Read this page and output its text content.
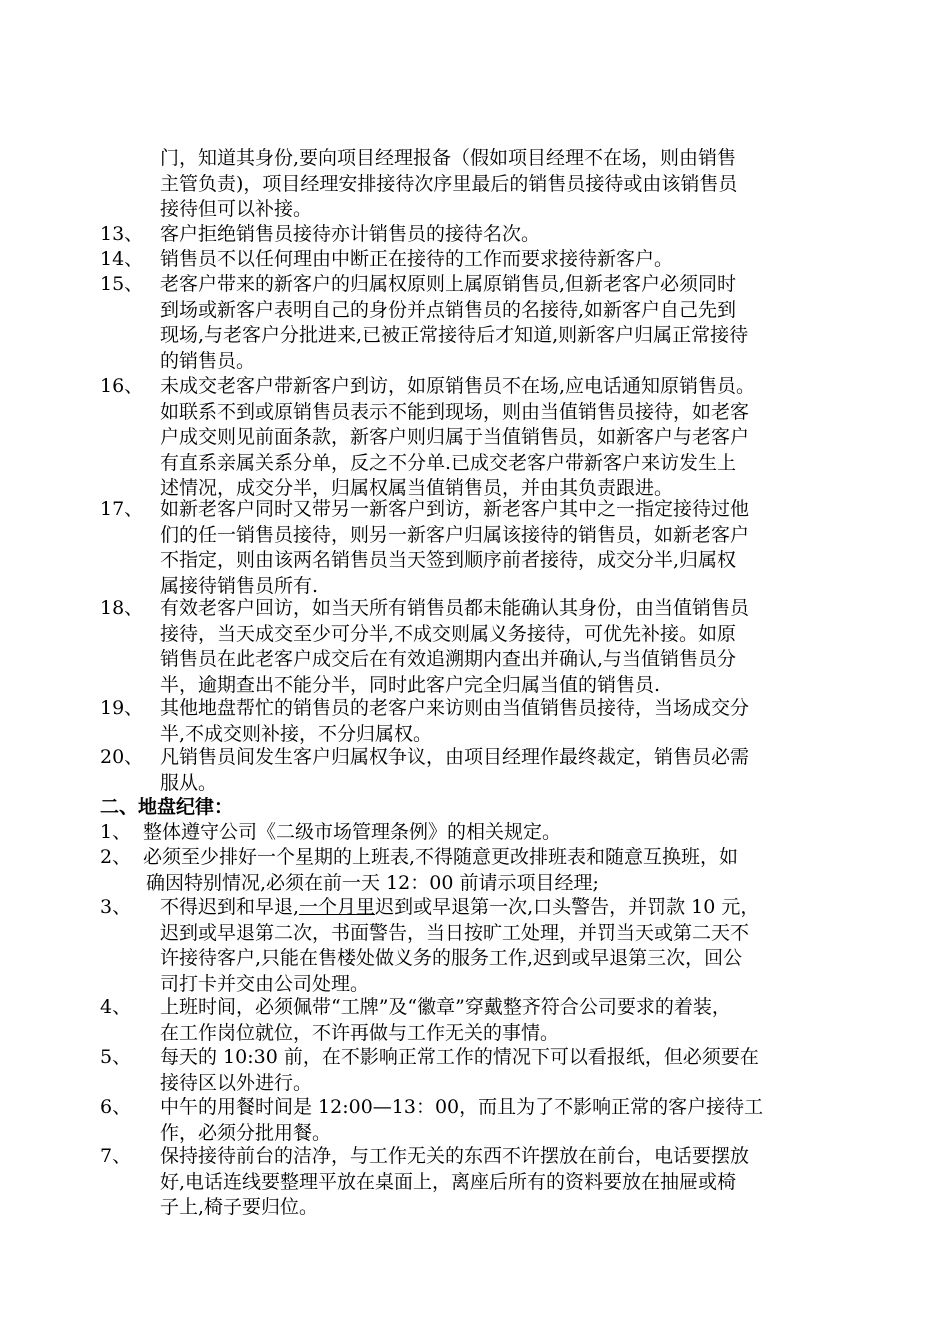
门，知道其身份,要向项目经理报备（假如项目经理不在场，则由销售
主管负责)，项目经理安排接待次序里最后的销售员接待或由该销售员
接待但可以补接。
13、 客户拒绝销售员接待亦计销售员的接待名次。
14、 销售员不以任何理由中断正在接待的工作而要求接待新客户。
15、 老客户带来的新客户的归属权原则上属原销售员,但新老客户必须同时
到场或新客户表明自己的身份并点销售员的名接待,如新客户自己先到
现场,与老客户分批进来,已被正常接待后才知道,则新客户归属正常接待
的销售员。
16、 未成交老客户带新客户到访，如原销售员不在场,应电话通知原销售员。
如联系不到或原销售员表示不能到现场，则由当值销售员接待，如老客
户成交则见前面条款，新客户则归属于当值销售员，如新客户与老客户
有直系亲属关系分单，反之不分单.已成交老客户带新客户来访发生上
述情况，成交分半，归属权属当值销售员，并由其负责跟进。
17、 如新老客户同时又带另一新客户到访，新老客户其中之一指定接待过他
们的任一销售员接待，则另一新客户归属该接待的销售员，如新老客户
不指定，则由该两名销售员当天签到顺序前者接待，成交分半,归属权
属接待销售员所有.
18、 有效老客户回访，如当天所有销售员都未能确认其身份，由当值销售员
接待，当天成交至少可分半,不成交则属义务接待，可优先补接。如原
销售员在此老客户成交后在有效追溯期内查出并确认,与当值销售员分
半，逾期查出不能分半，同时此客户完全归属当值的销售员.
19、 其他地盘帮忙的销售员的老客户来访则由当值销售员接待，当场成交分
半,不成交则补接，不分归属权。
20、 凡销售员间发生客户归属权争议，由项目经理作最终裁定，销售员必需
服从。
二、地盘纪律：
1、 整体遵守公司《二级市场管理条例》的相关规定。
2、 必须至少排好一个星期的上班表,不得随意更改排班表和随意互换班，如
确因特别情况,必须在前一天 12：00 前请示项目经理;
3、 不得迟到和早退,一个月里迟到或早退第一次,口头警告，并罚款 10 元，
迟到或早退第二次，书面警告，当日按旷工处理，并罚当天或第二天不
许接待客户,只能在售楼处做义务的服务工作,迟到或早退第三次，回公
司打卡并交由公司处理。
4、 上班时间，必须佩带“工牌”及“徽章”穿戴整齐符合公司要求的着装，
在工作岗位就位，不许再做与工作无关的事情。
5、 每天的 10:30 前，在不影响正常工作的情况下可以看报纸，但必须要在
接待区以外进行。
6、 中午的用餐时间是 12:00—13：00，而且为了不影响正常的客户接待工
作，必须分批用餐。
7、 保持接待前台的洁净，与工作无关的东西不许摆放在前台，电话要摆放
好,电话连线要整理平放在桌面上，离座后所有的资料要放在抽屉或椅
子上,椅子要归位。
